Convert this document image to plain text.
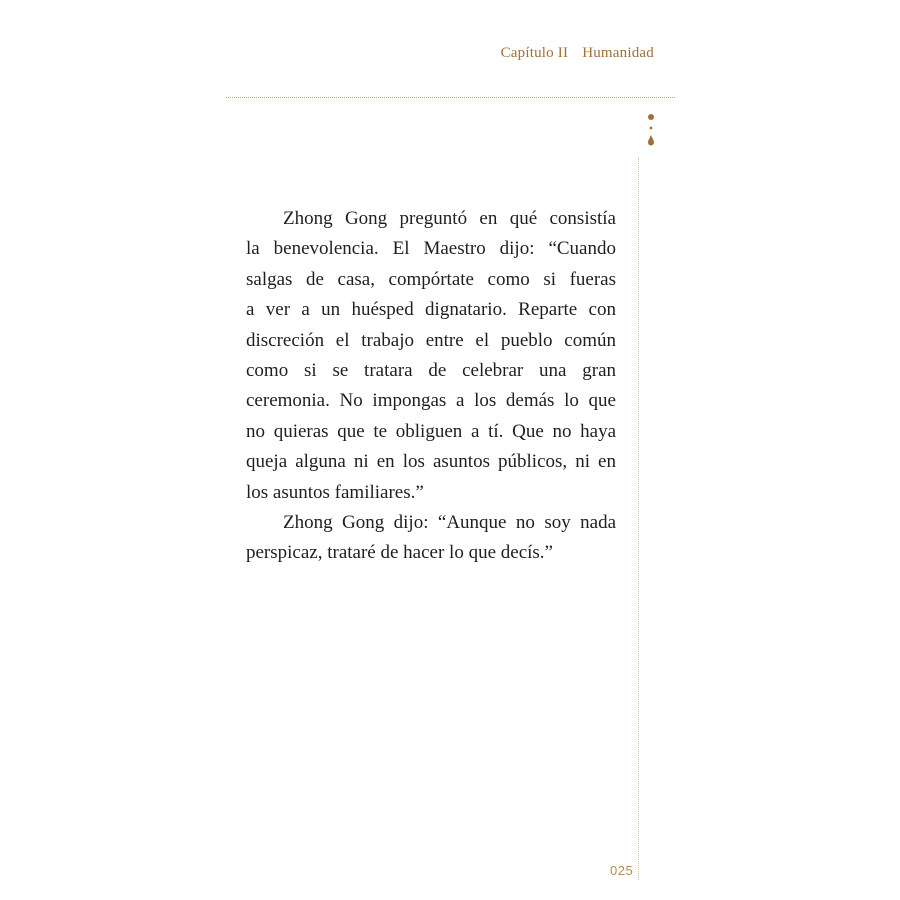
Capítulo II Humanidad
Zhong Gong preguntó en qué consistía
la benevolencia. El Maestro dijo: “Cuando
salgas de casa, compórtate como si fueras
a ver a un huésped dignatario. Reparte con
discreción el trabajo entre el pueblo común
como si se tratara de celebrar una gran
ceremonia. No impongas a los demás lo que
no quieras que te obliguen a tí. Que no haya
queja alguna ni en los asuntos públicos, ni en
los asuntos familiares.”
Zhong Gong dijo: “Aunque no soy nada
perspicaz, trataré de hacer lo que decís.”
025
